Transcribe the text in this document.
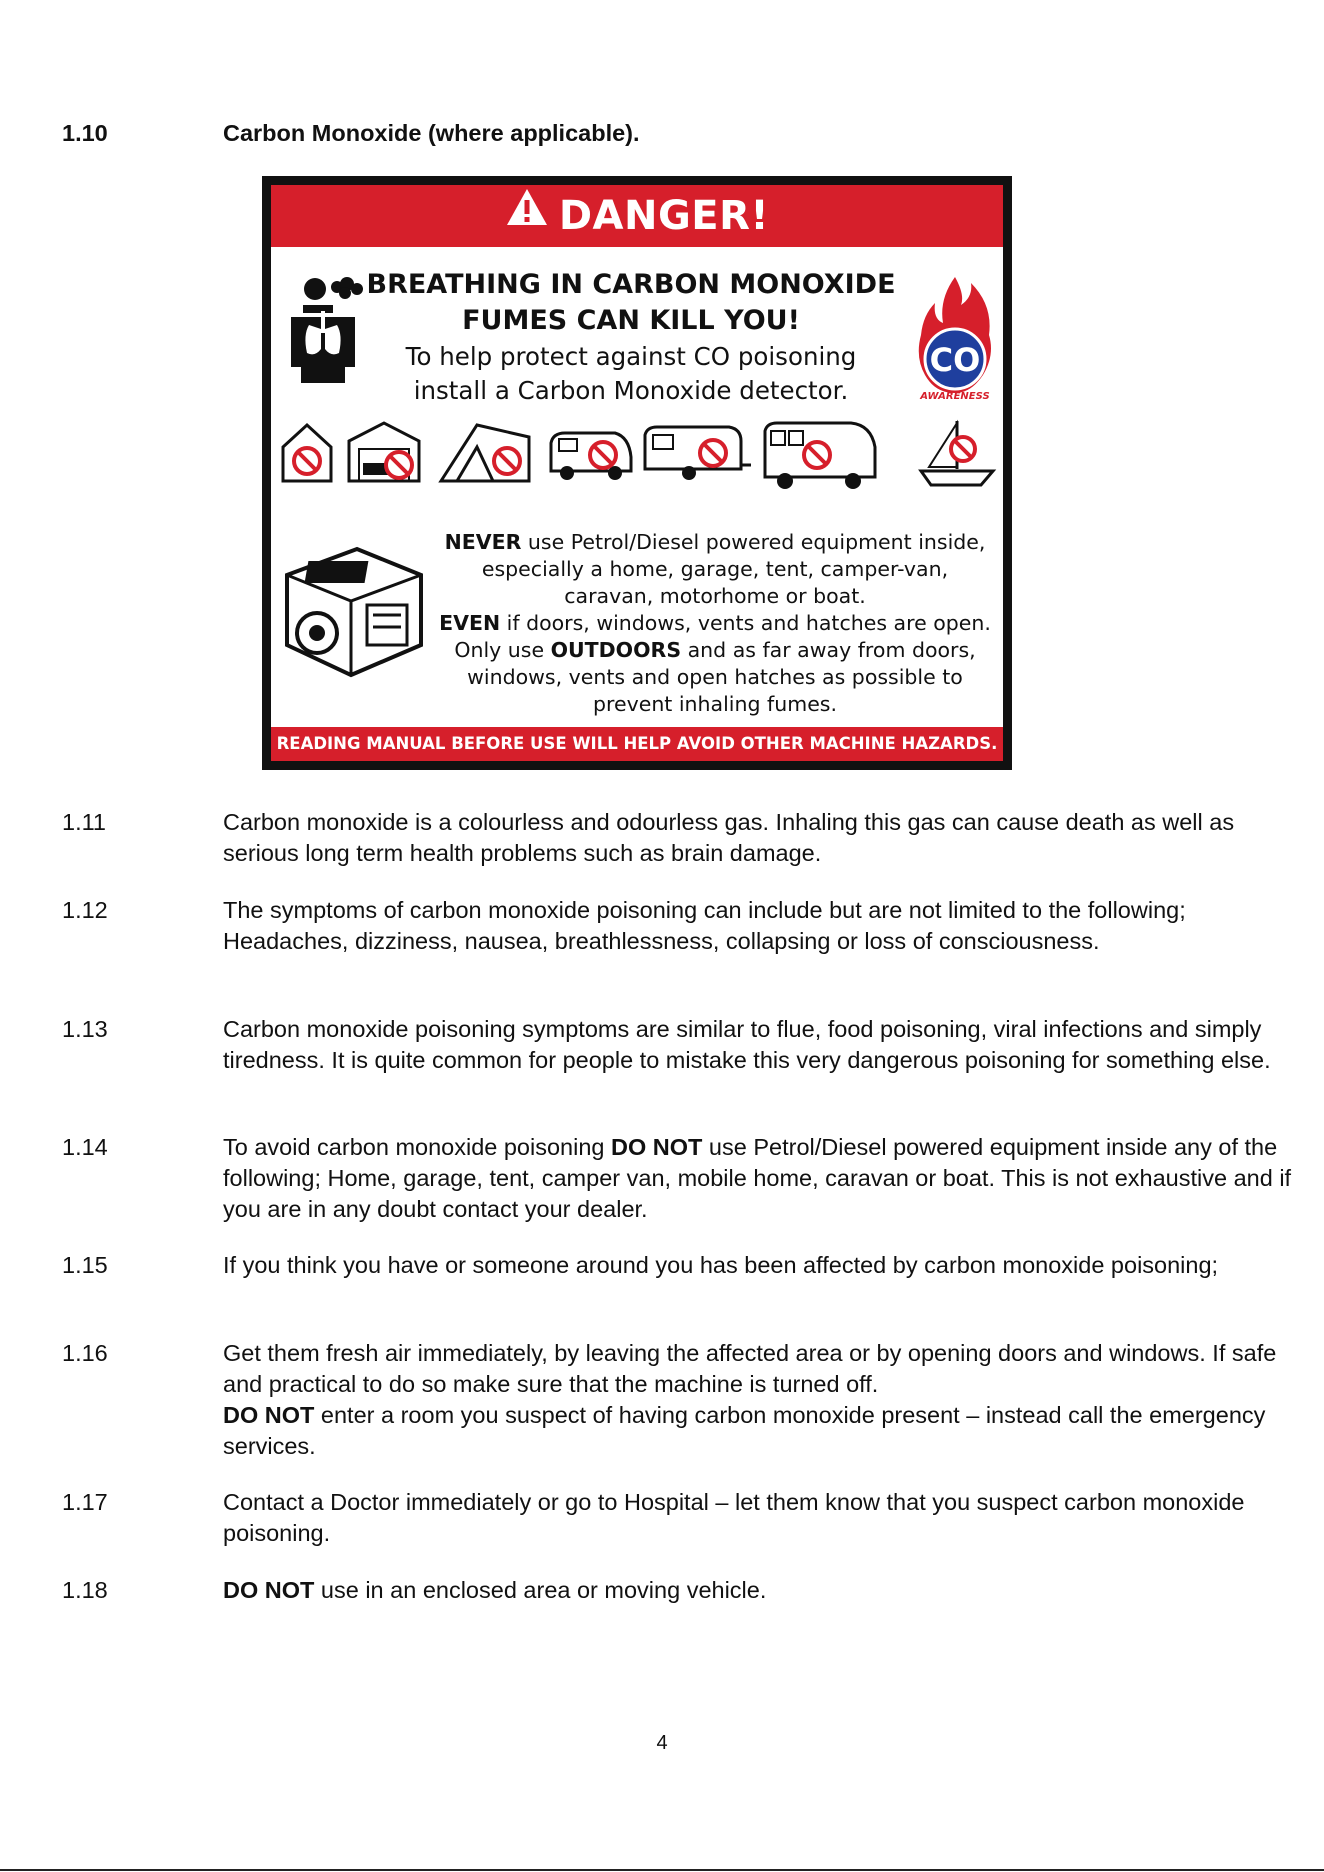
1.10	Carbon Monoxide (where applicable).
DANGER!
BREATHING IN CARBON MONOXIDE
FUMES CAN KILL YOU!
To help protect against CO poisoning
install a Carbon Monoxide detector.
CO
AWARENESS
NEVER use Petrol/Diesel powered equipment inside,
especially a home, garage, tent, camper-van,
caravan, motorhome or boat.
EVEN if doors, windows, vents and hatches are open.
Only use OUTDOORS and as far away from doors,
windows, vents and open hatches as possible to
prevent inhaling fumes.
READING MANUAL BEFORE USE WILL HELP AVOID OTHER MACHINE HAZARDS.
1.11	Carbon monoxide is a colourless and odourless gas. Inhaling this gas can cause death as well as serious long term health problems such as brain damage.
1.12	The symptoms of carbon monoxide poisoning can include but are not limited to the following;
Headaches, dizziness, nausea, breathlessness, collapsing or loss of consciousness.
1.13	Carbon monoxide poisoning symptoms are similar to flue, food poisoning, viral infections and simply tiredness. It is quite common for people to mistake this very dangerous poisoning for something else.
1.14	To avoid carbon monoxide poisoning DO NOT use Petrol/Diesel powered equipment inside any of the following; Home, garage, tent, camper van, mobile home, caravan or boat. This is not exhaustive and if you are in any doubt contact your dealer.
1.15	If you think you have or someone around you has been affected by carbon monoxide poisoning;
1.16	Get them fresh air immediately, by leaving the affected area or by opening doors and windows. If safe and practical to do so make sure that the machine is turned off.
DO NOT enter a room you suspect of having carbon monoxide present – instead call the emergency services.
1.17	Contact a Doctor immediately or go to Hospital – let them know that you suspect carbon monoxide poisoning.
1.18	DO NOT use in an enclosed area or moving vehicle.
4
